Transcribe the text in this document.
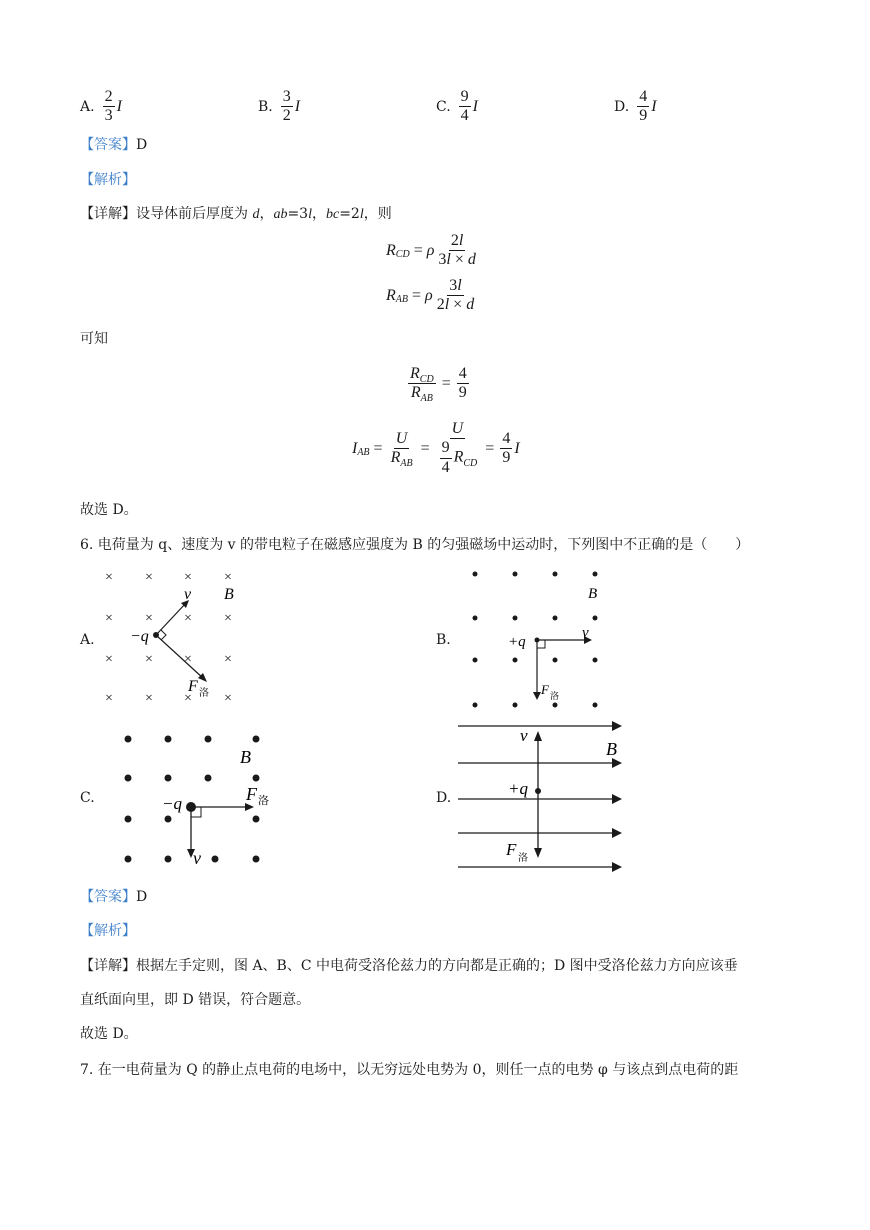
A. $\frac{2}{3}$ I	B. $\frac{3}{2}$ I	C. $\frac{9}{4}$ I	D. $\frac{4}{9}$ I
【答案】D
【解析】
【详解】设导体前后厚度为 d，ab=3l，bc=2l，则
R CD = ρ $\frac{2l}{3l \times d}$
R AB = ρ $\frac{3l}{2l \times d}$
可知
$\frac{R_{CD}}{R_{AB}} = \frac{4}{9}$
I AB = $\frac{U}{R_{AB}} = \frac{U}{\frac{9}{4} R_{CD}} = \frac{4}{9}$ I
故选 D。
6. 电荷量为 q、速度为 v 的带电粒子在磁感应强度为 B 的匀强磁场中运动时，下列图中不正确的是（　　）
A.
× × × ×
× × × ×
× × × ×
× × × ×
−q
v B
F 洛
B.	+q
v
B
F 洛
C.	−q
B
F 洛
v
D.
v
B
+q
F 洛
【答案】D
【解析】
【详解】根据左手定则，图 A、B、C 中电荷受洛伦兹力的方向都是正确的；D 图中受洛伦兹力方向应该垂
直纸面向里，即 D 错误，符合题意。
故选 D。
7. 在一电荷量为 Q 的静止点电荷的电场中，以无穷远处电势为 0，则任一点的电势 φ 与该点到点电荷的距
